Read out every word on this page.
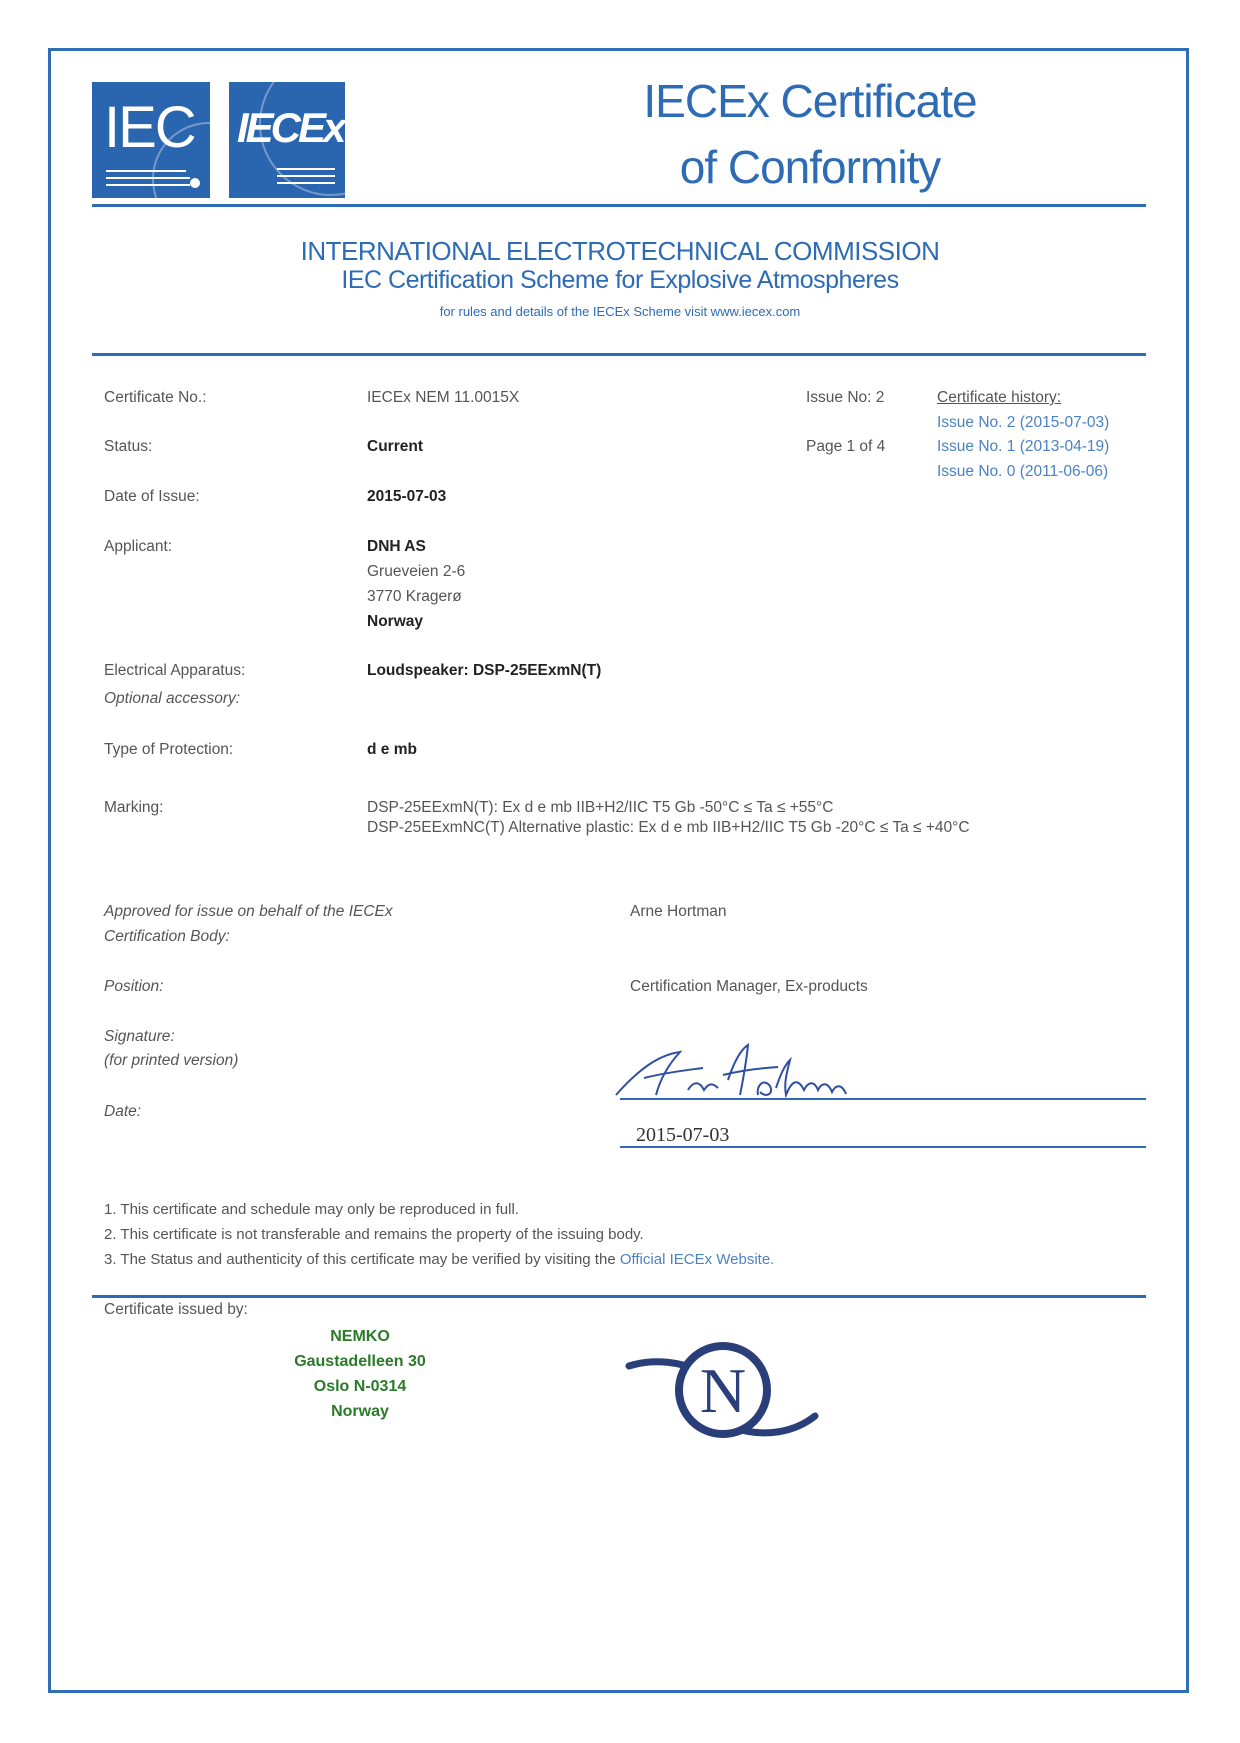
IEC IECEx
IECEx Certificate
of Conformity
INTERNATIONAL ELECTROTECHNICAL COMMISSION
IEC Certification Scheme for Explosive Atmospheres
for rules and details of the IECEx Scheme visit www.iecex.com
Certificate No.:	IECEx NEM 11.0015X	Issue No: 2	Certificate history:
Issue No. 2 (2015-07-03)
Issue No. 1 (2013-04-19)
Issue No. 0 (2011-06-06)
Status:	Current	Page 1 of 4
Date of Issue:	2015-07-03
Applicant:	DNH AS
Grueveien 2-6
3770 Kragerø
Norway
Electrical Apparatus:	Loudspeaker: DSP-25EExmN(T)
Optional accessory:
Type of Protection:	d e mb
Marking:	DSP-25EExmN(T): Ex d e mb IIB+H2/IIC T5 Gb -50°C ≤ Ta ≤ +55°C
DSP-25EExmNC(T) Alternative plastic: Ex d e mb IIB+H2/IIC T5 Gb -20°C ≤ Ta ≤ +40°C
Approved for issue on behalf of the IECEx
Certification Body:
Arne Hortman
Position:	Certification Manager, Ex-products
Signature:
(for printed version)
Date:
2015-07-03
1. This certificate and schedule may only be reproduced in full.
2. This certificate is not transferable and remains the property of the issuing body.
3. The Status and authenticity of this certificate may be verified by visiting the Official IECEx Website.
Certificate issued by:
NEMKO
Gaustadelleen 30
Oslo N-0314
Norway	N
